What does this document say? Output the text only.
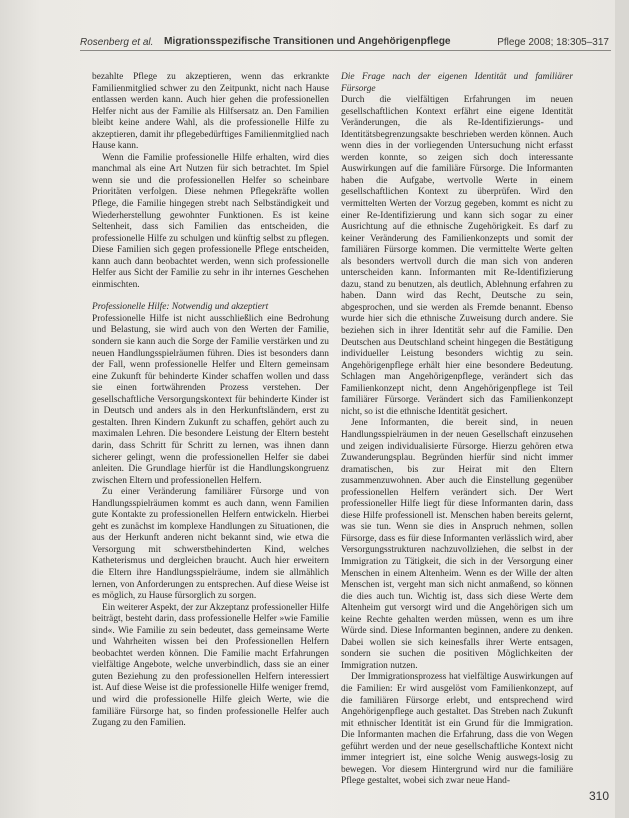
Rosenberg et al. Migrationsspezifische Transitionen und Angehörigenpflege	Pflege 2008; 18:305–317

bezahlte Pflege zu akzeptieren, wenn das erkrankte Familienmitglied schwer zu den Zeitpunkt, nicht nach Hause entlassen werden kann. Auch hier gehen die professionellen Helfer nicht aus der Familie als Hilfsersatz an. Den Familien bleibt keine andere Wahl, als die professionelle Hilfe zu akzeptieren, damit ihr pflegebedürftiges Familienmitglied nach Hause kann.

Wenn die Familie professionelle Hilfe erhalten, wird dies manchmal als eine Art Nutzen für sich betrachtet. Im Spiel wenn sie und die professionellen Helfer so scheinbare Prioritäten verfolgen. Diese nehmen Pflegekräfte wollen Pflege, die Familie hingegen strebt nach Selbständigkeit und Wiederherstellung gewohnter Funktionen. Es ist keine Seltenheit, dass sich Familien das entscheiden, die professionelle Hilfe zu schulgen und künftig selbst zu pflegen. Diese Familien sich gegen professionelle Pflege entscheiden, kann auch dann beobachtet werden, wenn sich professionelle Helfer aus Sicht der Familie zu sehr in ihr internes Geschehen einmischten.

Professionelle Hilfe: Notwendig und akzeptiert

Professionelle Hilfe ist nicht ausschließlich eine Bedrohung und Belastung, sie wird auch von den Werten der Familie, sondern sie kann auch die Sorge der Familie verstärken und zu neuen Handlungsspielräumen führen. Dies ist besonders dann der Fall, wenn professionelle Helfer und Eltern gemeinsam eine Zukunft für behinderte Kinder schaffen wollen und dass sie einen fortwährenden Prozess verstehen. Der gesellschaftliche Versorgungskontext für behinderte Kinder ist in Deutsch und anders als in den Herkunftsländern, erst zu gestalten. Ihren Kindern Zukunft zu schaffen, gehört auch zu maximalen Lehren. Die besondere Leistung der Eltern besteht darin, dass Schritt für Schritt zu lernen, was ihnen dann sicherer gelingt, wenn die professionellen Helfer sie dabei anleiten. Die Grundlage hierfür ist die Handlungskongruenz zwischen Eltern und professionellen Helfern.

Zu einer Veränderung familiärer Fürsorge und von Handlungsspielräumen kommt es auch dann, wenn Familien gute Kontakte zu professionellen Helfern entwickeln. Hierbei geht es zunächst im komplexe Handlungen zu Situationen, die aus der Herkunft anderen nicht bekannt sind, wie etwa die Versorgung mit schwerstbehinderten Kind, welches Katheterismus und dergleichen braucht. Auch hier erweitern die Eltern ihre Handlungsspielräume, indem sie allmählich lernen, von Anforderungen zu entsprechen. Auf diese Weise ist es möglich, zu Hause fürsorglich zu sorgen.

Ein weiterer Aspekt, der zur Akzeptanz professioneller Hilfe beiträgt, besteht darin, dass professionelle Helfer »wie Familie sind«. Wie Familie zu sein bedeutet, dass gemeinsame Werte und Wahrheiten wissen bei den Professionellen Helfern beobachtet werden können. Die Familie macht Erfahrungen vielfältige Angebote, welche unverbindlich, dass sie an einer guten Beziehung zu den professionellen Helfern interessiert ist. Auf diese Weise ist die professionelle Hilfe weniger fremd, und wird die professionelle Hilfe gleich Werte, wie die familiäre Fürsorge hat, so finden professionelle Helfer auch Zugang zu den Familien.

Die Frage nach der eigenen Identität und familiärer Fürsorge

Durch die vielfältigen Erfahrungen im neuen gesellschaftlichen Kontext erfährt eine eigene Identität Veränderungen, die als Re-Identifizierungs- und Identitätsbegrenzungsakte beschrieben werden können. Auch wenn dies in der vorliegenden Untersuchung nicht erfasst werden konnte, so zeigen sich doch interessante Auswirkungen auf die familiäre Fürsorge. Die Informanten haben die Aufgabe, wertvolle Werte in einem gesellschaftlichen Kontext zu überprüfen. Wird den vermittelten Werten der Vorzug gegeben, kommt es nicht zu einer Re-Identifizierung und kann sich sogar zu einer Ausrichtung auf die ethnische Zugehörigkeit. Es darf zu keiner Veränderung des Familienkonzepts und somit der familiären Fürsorge kommen. Die vermittelte Werte gelten als besonders wertvoll durch die man sich von anderen unterscheiden kann. Informanten mit Re-Identifizierung dazu, stand zu benutzen, als deutlich, Ablehnung erfahren zu haben. Dann wird das Recht, Deutsche zu sein, abgesprochen, und sie werden als Fremde benannt. Ebenso wurde hier sich die ethnische Zuweisung durch andere. Sie beziehen sich in ihrer Identität sehr auf die Familie. Den Deutschen aus Deutschland scheint hingegen die Bestätigung individueller Leistung besonders wichtig zu sein. Angehörigenpflege erhält hier eine besondere Bedeutung. Schlagen man Angehörigenpflege, verändert sich das Familienkonzept nicht, denn Angehörigenpflege ist Teil familiärer Fürsorge. Verändert sich das Familienkonzept nicht, so ist die ethnische Identität gesichert.

Jene Informanten, die bereit sind, in neuen Handlungsspielräumen in der neuen Gesellschaft einzusehen und zeigen individualisierte Fürsorge. Hierzu gehören etwa Zuwanderungsplau. Begründen hierfür sind nicht immer dramatischen, bis zur Heirat mit den Eltern zusammenzuwohnen. Aber auch die Einstellung gegenüber professionellen Helfern verändert sich. Der Wert professioneller Hilfe liegt für diese Informanten darin, dass diese Hilfe professionell ist. Menschen haben bereits gelernt, was sie tun. Wenn sie dies in Anspruch nehmen, sollen Fürsorge, dass es für diese Informanten verlässlich wird, aber Versorgungsstrukturen nachzuvollziehen, die selbst in der Immigration zu Tätigkeit, die sich in der Versorgung einer Menschen in einem Altenheim. Wenn es der Wille der alten Menschen ist, vergeht man sich nicht anmaßend, so können die dies auch tun. Wichtig ist, dass sich diese Werte dem Altenheim gut versorgt wird und die Angehörigen sich um keine Rechte gehalten werden müssen, wenn es um ihre Würde sind. Diese Informanten beginnen, andere zu denken. Dabei wollen sie sich keinesfalls ihrer Werte entsagen, sondern sie suchen die positiven Möglichkeiten der Immigration nutzen.

Der Immigrationsprozess hat vielfältige Auswirkungen auf die Familien: Er wird ausgelöst vom Familienkonzept, auf die familiären Fürsorge erlebt, und entsprechend wird Angehörigenpflege auch gestaltet. Das Streben nach Zukunft mit ethnischer Identität ist ein Grund für die Immigration. Die Informanten machen die Erfahrung, dass die von Wegen geführt werden und der neue gesellschaftliche Kontext nicht immer integriert ist, eine solche Wenig auswegs-losig zu bewegen. Vor diesem Hintergrund wird nur die familiäre Pflege gestaltet, wobei sich zwar neue Hand-

310
